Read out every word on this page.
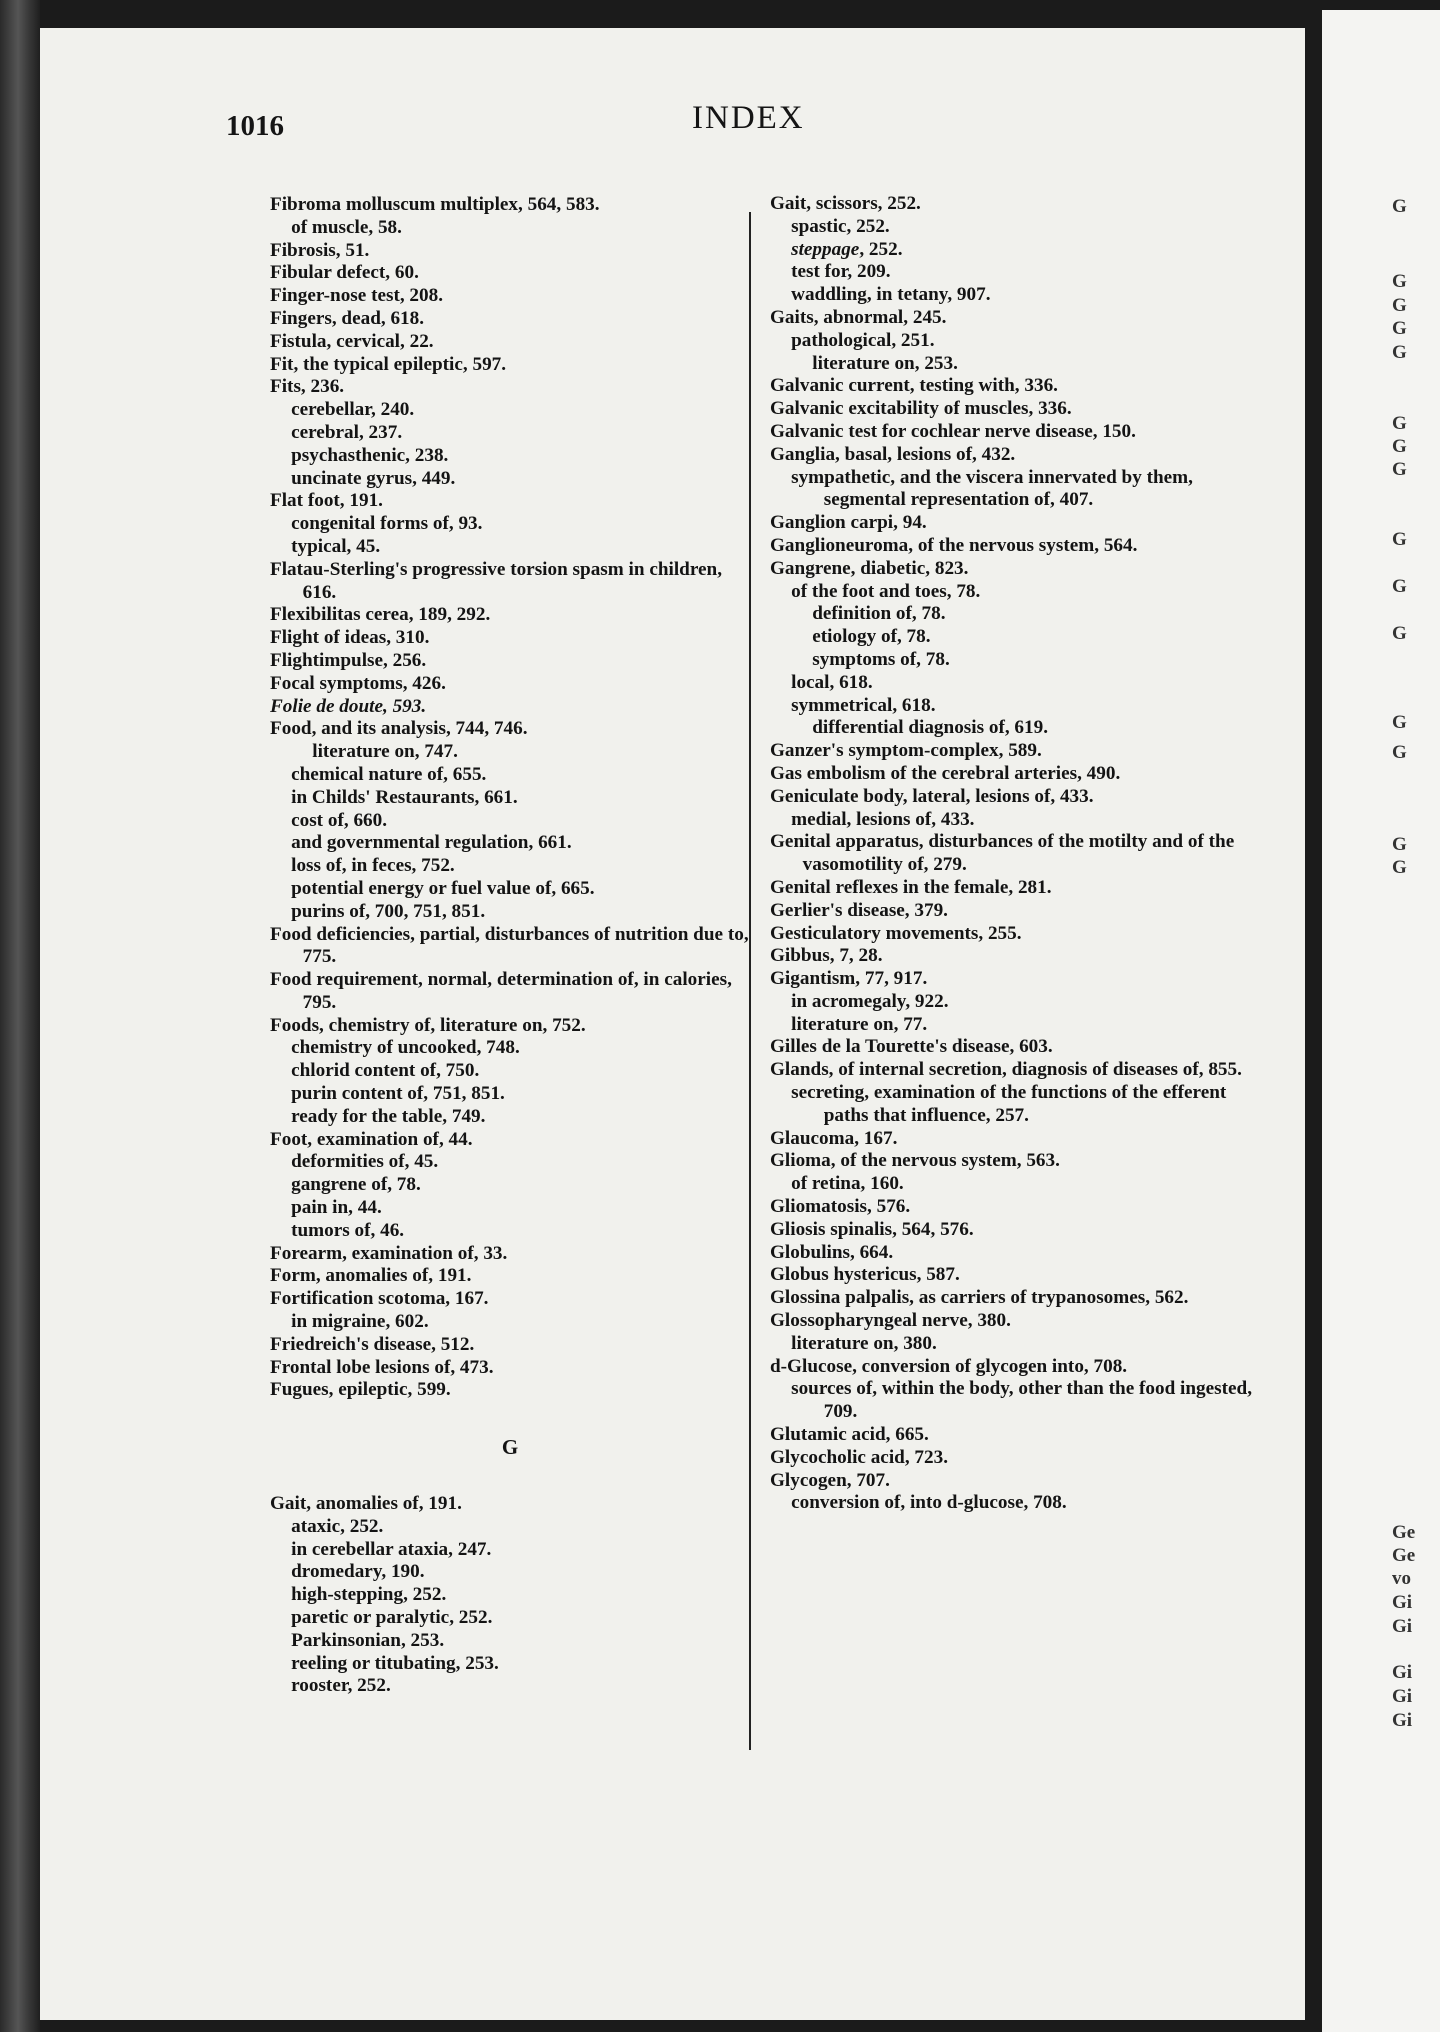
G
G
G
G
G
G
G
G
G
G
G
G
G
G
G
Ge
Ge
vo
Gi
Gi
Gi
Gi
Gi
1016	INDEX
Fibroma molluscum multiplex, 564, 583.
of muscle, 58.
Fibrosis, 51.
Fibular defect, 60.
Finger-nose test, 208.
Fingers, dead, 618.
Fistula, cervical, 22.
Fit, the typical epileptic, 597.
Fits, 236.
cerebellar, 240.
cerebral, 237.
psychasthenic, 238.
uncinate gyrus, 449.
Flat foot, 191.
congenital forms of, 93.
typical, 45.
Flatau-Sterling's progressive torsion spasm in children, 616.
Flexibilitas cerea, 189, 292.
Flight of ideas, 310.
Flightimpulse, 256.
Focal symptoms, 426.
Folie de doute, 593.
Food, and its analysis, 744, 746.
literature on, 747.
chemical nature of, 655.
in Childs' Restaurants, 661.
cost of, 660.
and governmental regulation, 661.
loss of, in feces, 752.
potential energy or fuel value of, 665.
purins of, 700, 751, 851.
Food deficiencies, partial, disturbances of nutrition due to, 775.
Food requirement, normal, determination of, in calories, 795.
Foods, chemistry of, literature on, 752.
chemistry of uncooked, 748.
chlorid content of, 750.
purin content of, 751, 851.
ready for the table, 749.
Foot, examination of, 44.
deformities of, 45.
gangrene of, 78.
pain in, 44.
tumors of, 46.
Forearm, examination of, 33.
Form, anomalies of, 191.
Fortification scotoma, 167.
in migraine, 602.
Friedreich's disease, 512.
Frontal lobe lesions of, 473.
Fugues, epileptic, 599.
G
Gait, anomalies of, 191.
ataxic, 252.
in cerebellar ataxia, 247.
dromedary, 190.
high-stepping, 252.
paretic or paralytic, 252.
Parkinsonian, 253.
reeling or titubating, 253.
rooster, 252.
Gait, scissors, 252.
spastic, 252.
steppage, 252.
test for, 209.
waddling, in tetany, 907.
Gaits, abnormal, 245.
pathological, 251.
literature on, 253.
Galvanic current, testing with, 336.
Galvanic excitability of muscles, 336.
Galvanic test for cochlear nerve disease, 150.
Ganglia, basal, lesions of, 432.
sympathetic, and the viscera innervated by them, segmental representation of, 407.
Ganglion carpi, 94.
Ganglioneuroma, of the nervous system, 564.
Gangrene, diabetic, 823.
of the foot and toes, 78.
definition of, 78.
etiology of, 78.
symptoms of, 78.
local, 618.
symmetrical, 618.
differential diagnosis of, 619.
Ganzer's symptom-complex, 589.
Gas embolism of the cerebral arteries, 490.
Geniculate body, lateral, lesions of, 433.
medial, lesions of, 433.
Genital apparatus, disturbances of the motilty and of the vasomotility of, 279.
Genital reflexes in the female, 281.
Gerlier's disease, 379.
Gesticulatory movements, 255.
Gibbus, 7, 28.
Gigantism, 77, 917.
in acromegaly, 922.
literature on, 77.
Gilles de la Tourette's disease, 603.
Glands, of internal secretion, diagnosis of diseases of, 855.
secreting, examination of the functions of the efferent paths that influence, 257.
Glaucoma, 167.
Glioma, of the nervous system, 563.
of retina, 160.
Gliomatosis, 576.
Gliosis spinalis, 564, 576.
Globulins, 664.
Globus hystericus, 587.
Glossina palpalis, as carriers of trypanosomes, 562.
Glossopharyngeal nerve, 380.
literature on, 380.
d-Glucose, conversion of glycogen into, 708.
sources of, within the body, other than the food ingested, 709.
Glutamic acid, 665.
Glycocholic acid, 723.
Glycogen, 707.
conversion of, into d-glucose, 708.
